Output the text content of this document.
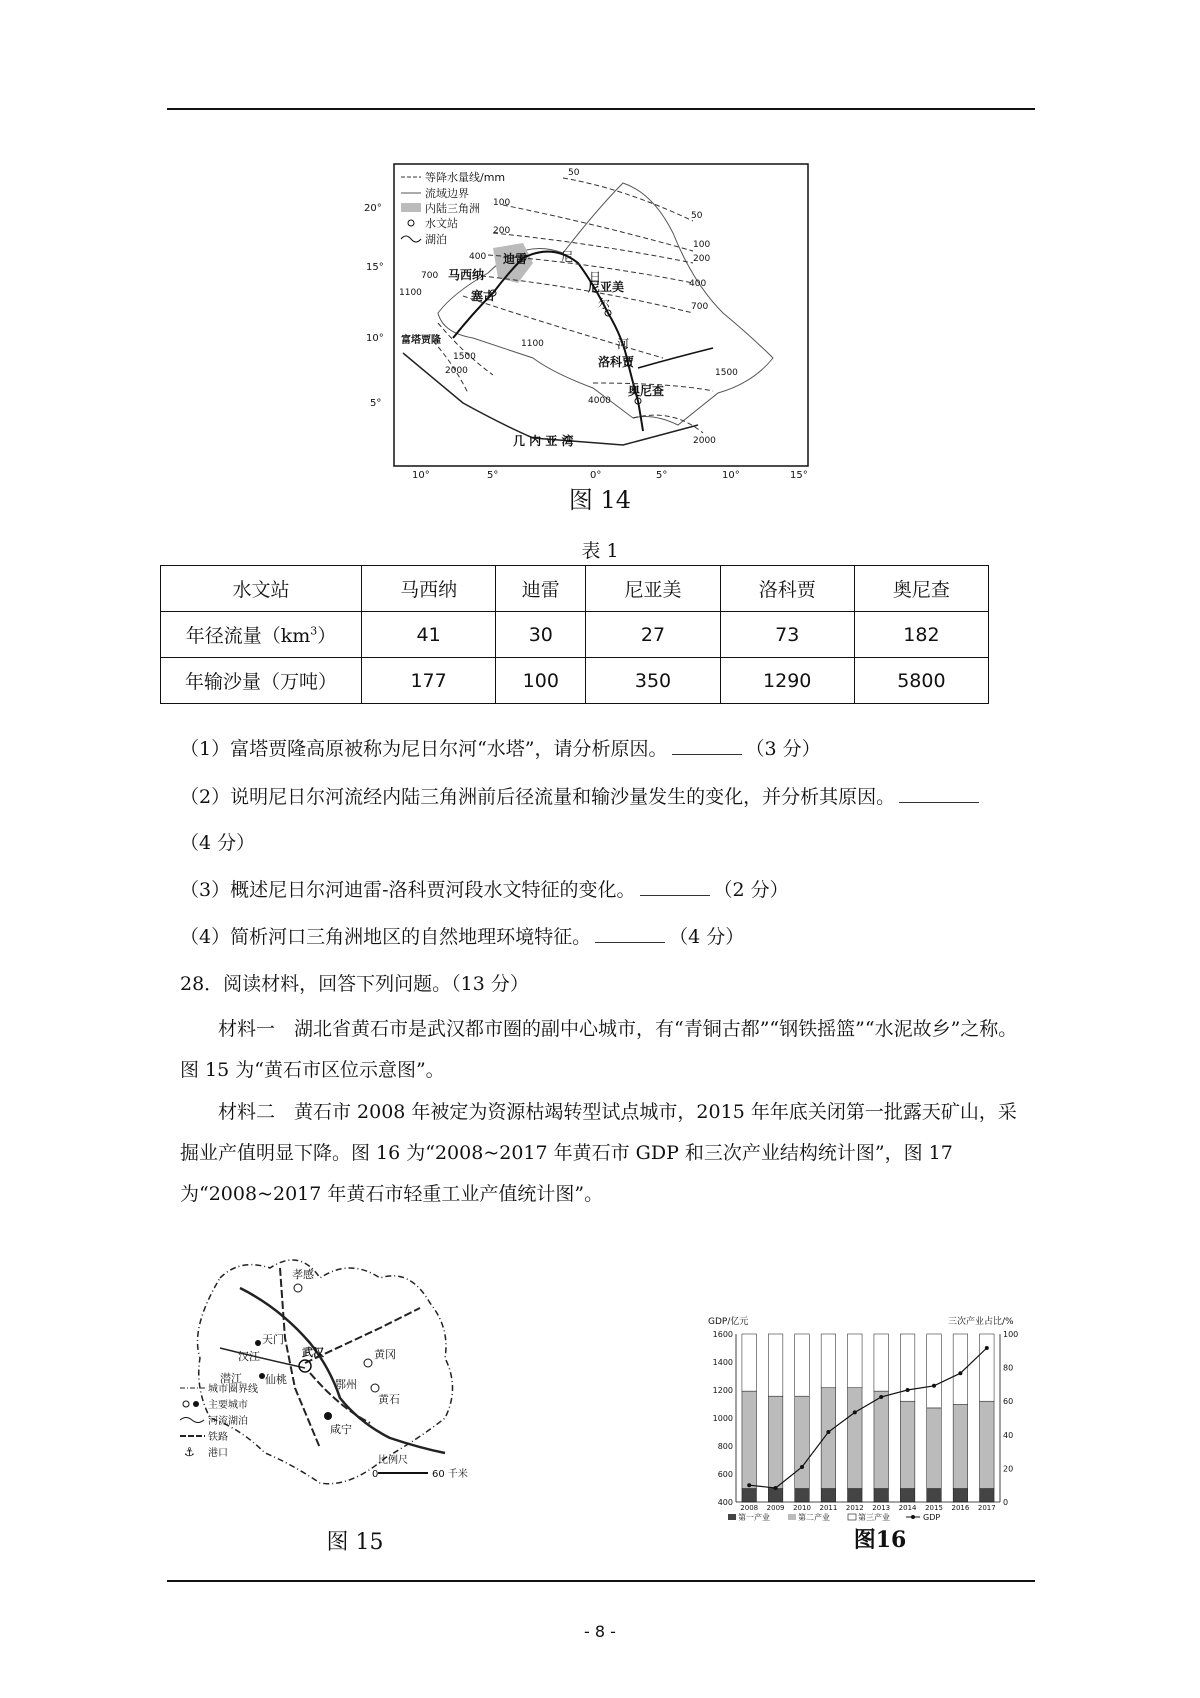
等降水量线/mm
流域边界
内陆三角洲
水文站
湖泊
50
50
100
100
200
200
400
400
700
700
1100
1100
1500
1500
2000
2000
4000
迪雷
马西纳
塞古
尼亚美
富塔贾隆
洛科贾
奥尼查
尼
日
尔
河
几 内 亚 湾
20°
15°
10°
5°
10°	5°	0°	5°	10°	15°
图 14
表 1
水文站	马西纳	迪雷	尼亚美	洛科贾	奥尼查
年径流量$(km^3)$	41	30	27	73	182
年输沙量（万吨）	177	100	350	1290	5800
（1）富塔贾隆高原被称为尼日尔河“水塔”，请分析原因。	（3 分）
（2）说明尼日尔河流经内陆三角洲前后径流量和输沙量发生的变化，并分析其原因。
（4 分）
（3）概述尼日尔河迪雷-洛科贾河段水文特征的变化。	（2 分）
（4）简析河口三角洲地区的自然地理环境特征。	（4 分）
28．阅读材料，回答下列问题。（13 分）
材料一　湖北省黄石市是武汉都市圈的副中心城市，有“青铜古都”“钢铁摇篮”“水泥故乡”之称。图 15 为“黄石市区位示意图”。
材料二　黄石市 2008 年被定为资源枯竭转型试点城市，2015 年年底关闭第一批露天矿山，采掘业产值明显下降。图 16 为“2008~2017 年黄石市 GDP 和三次产业结构统计图”，图 17 为“2008~2017 年黄石市轻重工业产值统计图”。
孝感
天门
武汉	黄冈
潜江 仙桃	鄂州
黄石
咸宁
汉江
城市圈界线
主要城市
河流湖泊
铁路
⚓ 港口
比例尺
0	60 千米
图 15
GDP/亿元	三次产业占比/%
1600
1400
1200
1000
800
600
400
100
80
60
40
20
0
2008 2009 2010 2011 2012 2013 2014 2015 2016 2017
第一产业	第二产业	第三产业	GDP
图16
- 8 -
